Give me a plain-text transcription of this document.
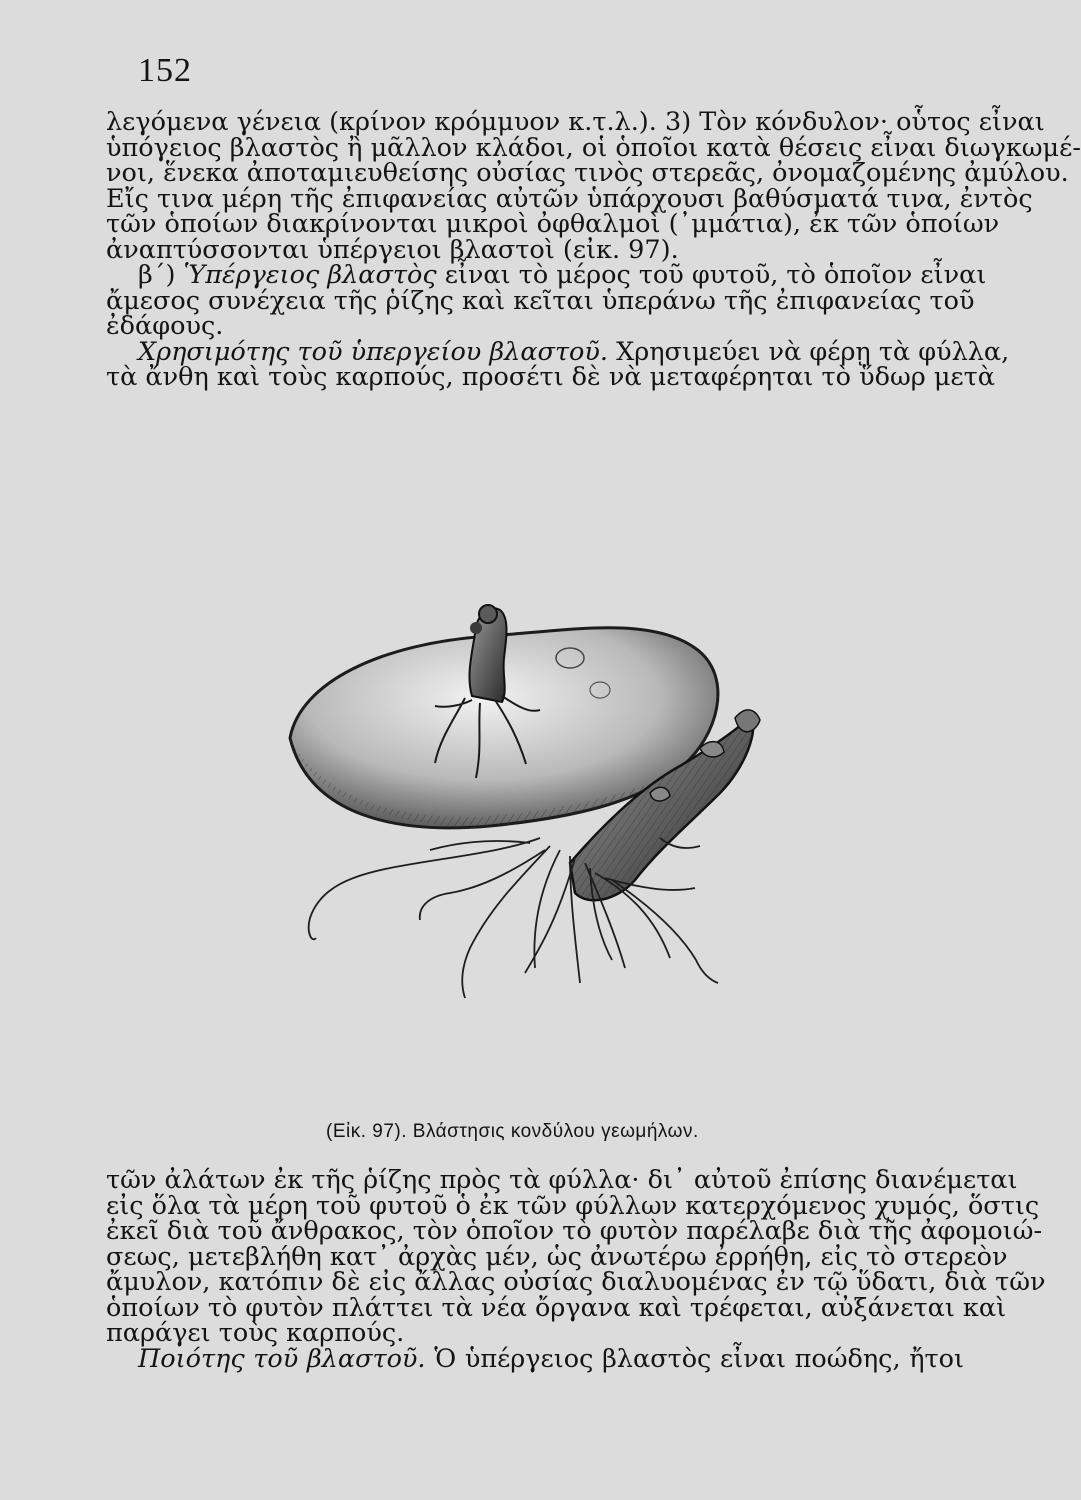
152
λεγόμενα γένεια (κρίνον κρόμμυον κ.τ.λ.). 3) Τὸν κόνδυλον· οὗτος εἶναι
ὑπόγειος βλαστὸς ἢ μᾶλλον κλάδοι, οἱ ὁποῖοι κατὰ θέσεις εἶναι διωγκωμέ-
νοι, ἕνεκα ἀποταμιευθείσης οὐσίας τινὸς στερεᾶς, ὀνομαζομένης ἀμύλου.
Εἴς τινα μέρη τῆς ἐπιφανείας αὐτῶν ὑπάρχουσι βαθύσματά τινα, ἐντὸς
τῶν ὁποίων διακρίνονται μικροὶ ὀφθαλμοὶ (᾽μμάτια), ἐκ τῶν ὁποίων
ἀναπτύσσονται ὑπέργειοι βλαστοὶ (εἰκ. 97).
β΄) Ὑπέργειος βλαστὸς εἶναι τὸ μέρος τοῦ φυτοῦ, τὸ ὁποῖον εἶναι
ἄμεσος συνέχεια τῆς ῥίζης καὶ κεῖται ὑπεράνω τῆς ἐπιφανείας τοῦ
ἐδάφους.
Χρησιμότης τοῦ ὑπεργείου βλαστοῦ. Χρησιμεύει νὰ φέρῃ τὰ φύλλα,
τὰ ἄνθη καὶ τοὺς καρπούς, προσέτι δὲ νὰ μεταφέρηται τὸ ὕδωρ μετὰ
(Εἰκ. 97). Βλάστησις κονδύλου γεωμήλων.
τῶν ἀλάτων ἐκ τῆς ῥίζης πρὸς τὰ φύλλα· δι᾽ αὐτοῦ ἐπίσης διανέμεται
εἰς ὅλα τὰ μέρη τοῦ φυτοῦ ὁ ἐκ τῶν φύλλων κατερχόμενος χυμός, ὅστις
ἐκεῖ διὰ τοῦ ἄνθρακος, τὸν ὁποῖον τὸ φυτὸν παρέλαβε διὰ τῆς ἀφομοιώ-
σεως, μετεβλήθη κατ᾽ ἀρχὰς μέν, ὡς ἀνωτέρω ἐρρήθη, εἰς τὸ στερεὸν
ἄμυλον, κατόπιν δὲ εἰς ἄλλας οὐσίας διαλυομένας ἐν τῷ ὕδατι, διὰ τῶν
ὁποίων τὸ φυτὸν πλάττει τὰ νέα ὄργανα καὶ τρέφεται, αὐξάνεται καὶ
παράγει τοὺς καρπούς.
Ποιότης τοῦ βλαστοῦ. Ὁ ὑπέργειος βλαστὸς εἶναι ποώδης, ἤτοι
